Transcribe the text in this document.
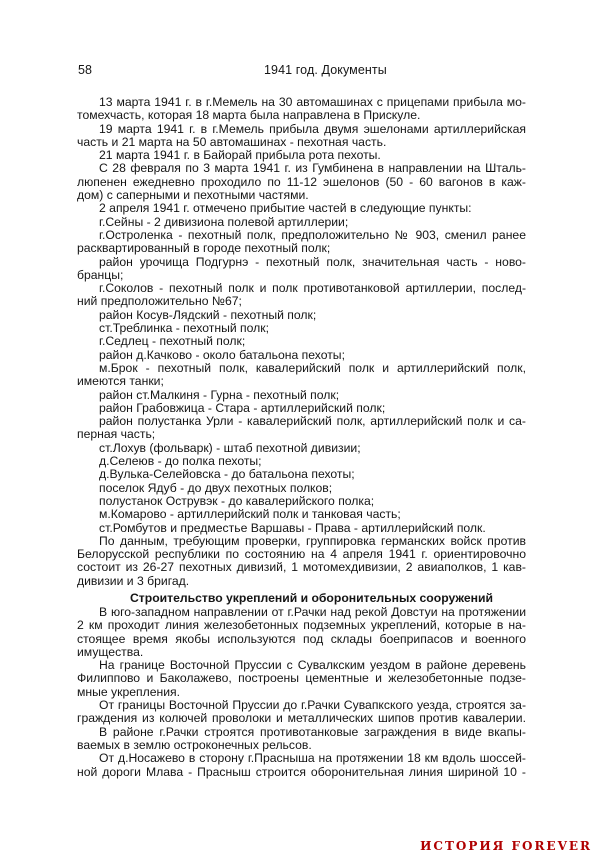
58	1941 год. Документы
13 марта 1941 г. в г.Мемель на 30 автомашинах с прицепами прибыла мо-
томехчасть, которая 18 марта была направлена в Прискуле.
19 марта 1941 г. в г.Мемель прибыла двумя эшелонами артиллерийская
часть и 21 марта на 50 автомашинах - пехотная часть.
21 марта 1941 г. в Байорай прибыла рота пехоты.
С 28 февраля по 3 марта 1941 г. из Гумбинена в направлении на Шталь-
люпенен ежедневно проходило по 11-12 эшелонов (50 - 60 вагонов в каж-
дом) с саперными и пехотными частями.
2 апреля 1941 г. отмечено прибытие частей в следующие пункты:
г.Сейны - 2 дивизиона полевой артиллерии;
г.Остроленка - пехотный полк, предположительно № 903, сменил ранее
расквартированный в городе пехотный полк;
район урочища Подгурнэ - пехотный полк, значительная часть - ново-
бранцы;
г.Соколов - пехотный полк и полк противотанковой артиллерии, послед-
ний предположительно №67;
район Косув-Лядский - пехотный полк;
ст.Треблинка - пехотный полк;
г.Седлец - пехотный полк;
район д.Качково - около батальона пехоты;
м.Брок - пехотный полк, кавалерийский полк и артиллерийский полк,
имеются танки;
район ст.Малкиня - Гурна - пехотный полк;
район Грабовжица - Стара - артиллерийский полк;
район полустанка Урли - кавалерийский полк, артиллерийский полк и са-
перная часть;
ст.Лохув (фольварк) - штаб пехотной дивизии;
д.Селеюв - до полка пехоты;
д.Вулька-Селейовска - до батальона пехоты;
поселок Ядуб - до двух пехотных полков;
полустанок Острувэк - до кавалерийского полка;
м.Комарово - артиллерийский полк и танковая часть;
ст.Ромбутов и предместье Варшавы - Права - артиллерийский полк.
По данным, требующим проверки, группировка германских войск против
Белорусской республики по состоянию на 4 апреля 1941 г. ориентировочно
состоит из 26-27 пехотных дивизий, 1 мотомехдивизии, 2 авиаполков, 1 кав-
дивизии и 3 бригад.
Строительство укреплений и оборонительных сооружений
В юго-западном направлении от г.Рачки над рекой Довстуи на протяжении
2 км проходит линия железобетонных подземных укреплений, которые в на-
стоящее время якобы используются под склады боеприпасов и военного
имущества.
На границе Восточной Пруссии с Сувалкским уездом в районе деревень
Филиппово и Баколажево, построены цементные и железобетонные подзе-
мные укрепления.
От границы Восточной Пруссии до г.Рачки Сувапкского уезда, строятся за-
граждения из колючей проволоки и металлических шипов против кавалерии.
В районе г.Рачки строятся противотанковые заграждения в виде вкапы-
ваемых в землю остроконечных рельсов.
От д.Носажево в сторону г.Прасныша на протяжении 18 км вдоль шоссей-
ной дороги Млава - Прасныш строится оборонительная линия шириной 10 -
ИСТОРИЯ FOREVER
